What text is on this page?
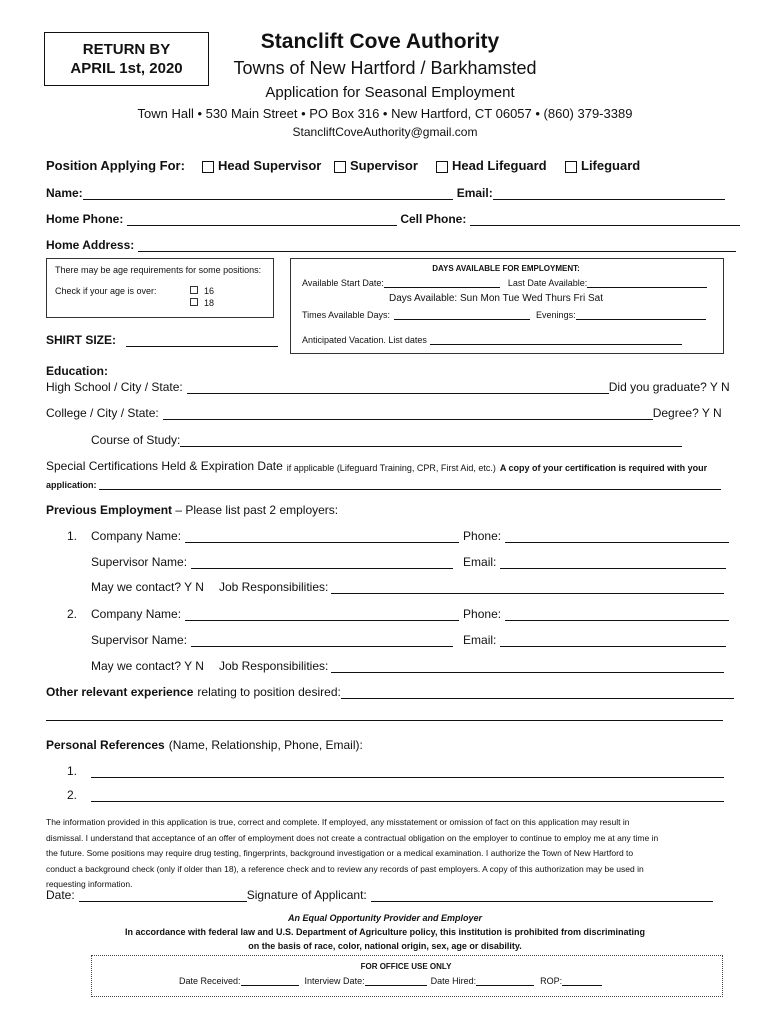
RETURN BY
APRIL 1st, 2020
Stanclift Cove Authority
Towns of New Hartford / Barkhamsted
Application for Seasonal Employment
Town Hall • 530 Main Street • PO Box 316 • New Hartford, CT 06057 • (860) 379-3389
StancliftCoveAuthority@gmail.com
Position Applying For:	Head Supervisor Supervisor	Head Lifeguard	Lifeguard
Name:	Email:
Home Phone:	Cell Phone:
Home Address:
There may be age requirements for some positions:
Check if your age is over:	16
18
SHIRT SIZE:
DAYS AVAILABLE FOR EMPLOYMENT:
Available Start Date:	Last Date Available:
Days Available: Sun Mon Tue Wed Thurs Fri Sat
Times Available Days:	Evenings:
Anticipated Vacation. List dates
Education:
High School / City / State:	Did you graduate? Y N
College / City / State:	Degree? Y N
Course of Study:
Special Certifications Held & Expiration Date if applicable (Lifeguard Training, CPR, First Aid, etc.) A copy of your certification is required with your
application :
Previous Employment – Please list past 2 employers:
1.	Company Name:	Phone:
Supervisor Name:	Email:
May we contact? Y N Job Responsibilities:
2.	Company Name:	Phone:
Supervisor Name:	Email:
May we contact? Y N Job Responsibilities:
Other relevant experience relating to position desired:
Personal References (Name, Relationship, Phone, Email):
1.
2.
The information provided in this application is true, correct and complete. If employed, any misstatement or omission of fact on this application may result in
dismissal. I understand that acceptance of an offer of employment does not create a contractual obligation on the employer to continue to employ me at any time in
the future. Some positions may require drug testing, fingerprints, background investigation or a medical examination. I authorize the Town of New Hartford to
conduct a background check (only if older than 18), a reference check and to review any records of past employers. A copy of this authorization may be used in
requesting information.
Date:	Signature of Applicant:
An Equal Opportunity Provider and Employer
In accordance with federal law and U.S. Department of Agriculture policy, this institution is prohibited from discriminating
on the basis of race, color, national origin, sex, age or disability.
FOR OFFICE USE ONLY
Date Received:	Interview Date:	Date Hired:	ROP:
